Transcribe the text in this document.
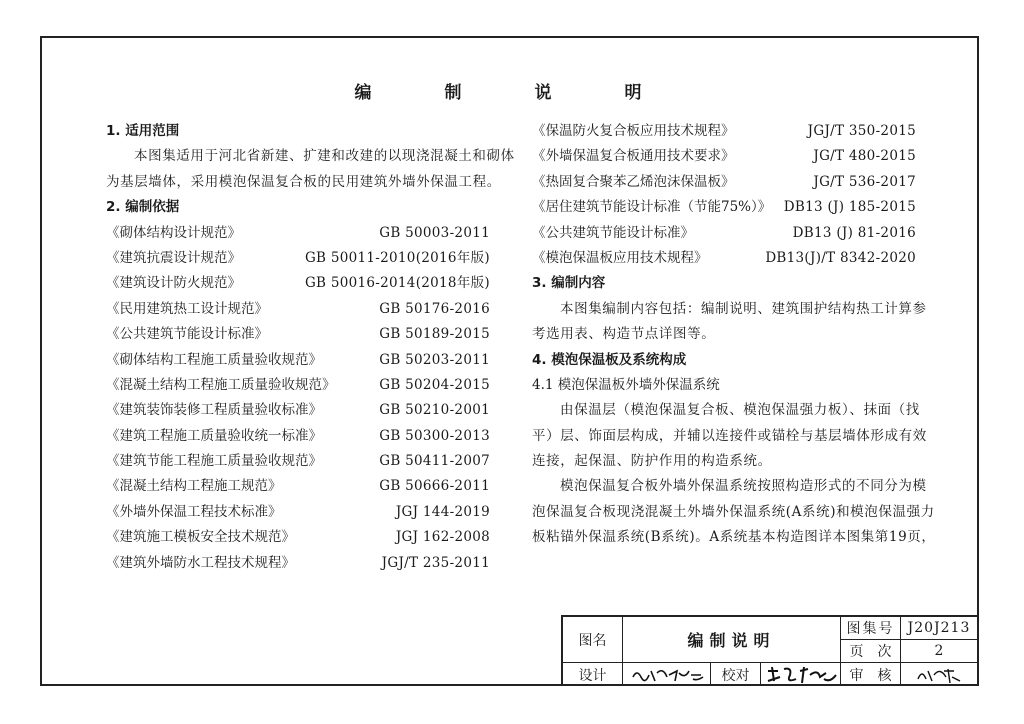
编　制　说　明
1. 适用范围
本图集适用于河北省新建、扩建和改建的以现浇混凝土和砌体
为基层墙体，采用模泡保温复合板的民用建筑外墙外保温工程。
2. 编制依据
《砌体结构设计规范》	GB 50003-2011
《建筑抗震设计规范》	GB 50011-2010(2016年版)
《建筑设计防火规范》	GB 50016-2014(2018年版)
《民用建筑热工设计规范》	GB 50176-2016
《公共建筑节能设计标准》	GB 50189-2015
《砌体结构工程施工质量验收规范》	GB 50203-2011
《混凝土结构工程施工质量验收规范》	GB 50204-2015
《建筑装饰装修工程质量验收标准》	GB 50210-2001
《建筑工程施工质量验收统一标准》	GB 50300-2013
《建筑节能工程施工质量验收规范》	GB 50411-2007
《混凝土结构工程施工规范》	GB 50666-2011
《外墙外保温工程技术标准》	JGJ 144-2019
《建筑施工模板安全技术规范》	JGJ 162-2008
《建筑外墙防水工程技术规程》	JGJ/T 235-2011
《保温防火复合板应用技术规程》	JGJ/T 350-2015
《外墙保温复合板通用技术要求》	JG/T 480-2015
《热固复合聚苯乙烯泡沫保温板》	JG/T 536-2017
《居住建筑节能设计标准（节能75%）》 DB13 (J) 185-2015
《公共建筑节能设计标准》	DB13 (J) 81-2016
《模泡保温板应用技术规程》	DB13(J)/T 8342-2020
3. 编制内容
本图集编制内容包括：编制说明、建筑围护结构热工计算参
考选用表、构造节点详图等。
4. 模泡保温板及系统构成
4.1 模泡保温板外墙外保温系统
由保温层（模泡保温复合板、模泡保温强力板）、抹面（找
平）层、饰面层构成，并辅以连接件或锚栓与基层墙体形成有效
连接，起保温、防护作用的构造系统。
模泡保温复合板外墙外保温系统按照构造形式的不同分为模
泡保温复合板现浇混凝土外墙外保温系统(A系统)和模泡保温强力
板粘锚外保温系统(B系统)。A系统基本构造图详本图集第19页，
图名	编制说明
图集号 J20J213
页　次	2
设计	校对	审　核
